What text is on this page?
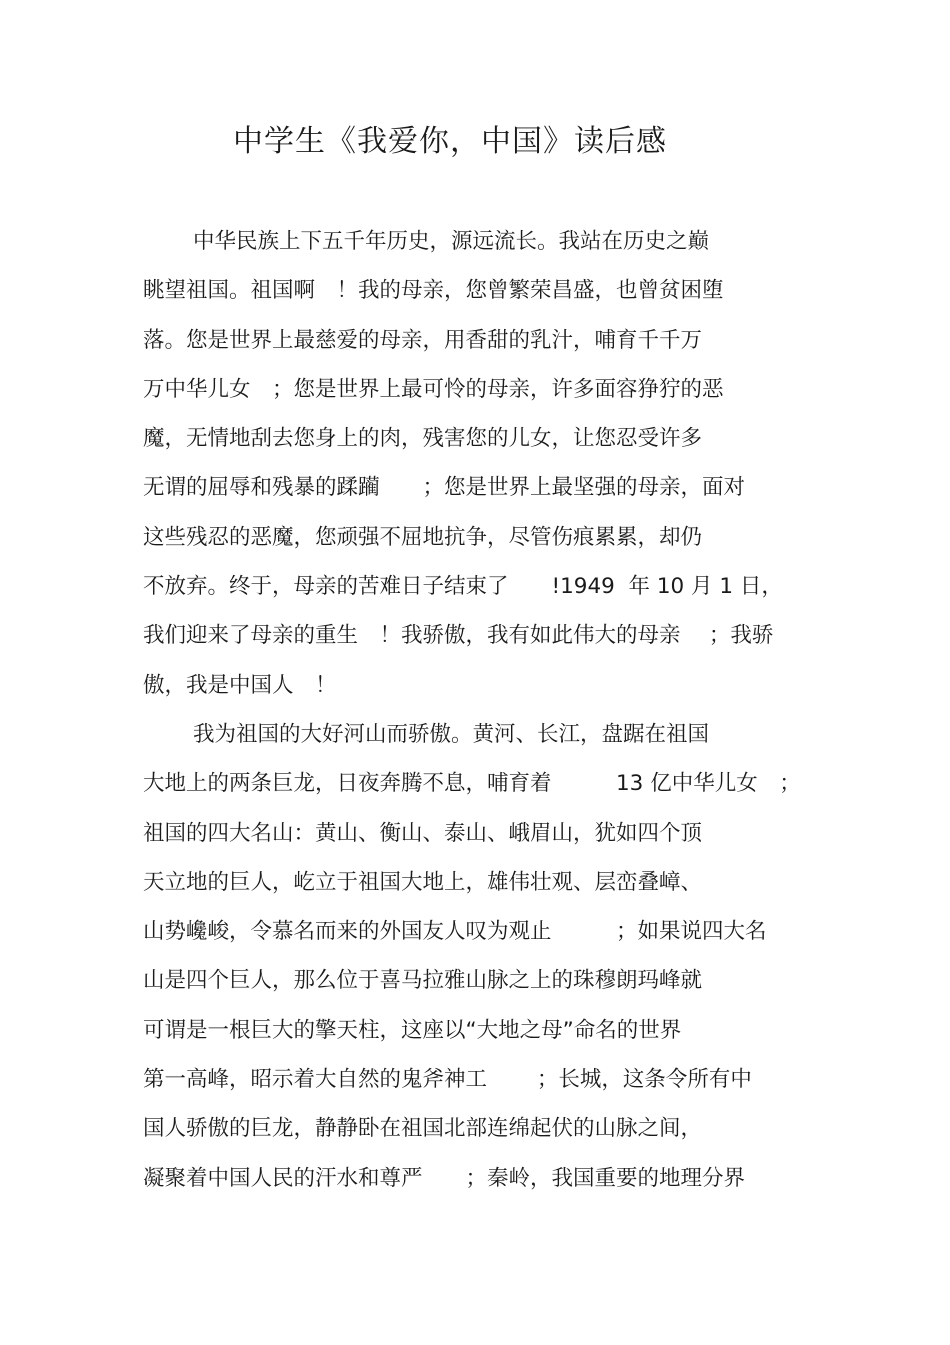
中学生《我爱你，中国》读后感
中华民族上下五千年历史，源远流长。我站在历史之巅
眺望祖国。祖国啊　！我的母亲，您曾繁荣昌盛，也曾贫困堕
落。您是世界上最慈爱的母亲，用香甜的乳汁，哺育千千万
万中华儿女　；您是世界上最可怜的母亲，许多面容狰狞的恶
魔，无情地刮去您身上的肉，残害您的儿女，让您忍受许多
无谓的屈辱和残暴的蹂躏　　；您是世界上最坚强的母亲，面对
这些残忍的恶魔，您顽强不屈地抗争，尽管伤痕累累，却仍
不放弃。终于，母亲的苦难日子结束了　　!1949  年 10 月 1 日，
我们迎来了母亲的重生　！我骄傲，我有如此伟大的母亲　 ；我骄
傲，我是中国人　！
我为祖国的大好河山而骄傲。黄河、长江，盘踞在祖国
大地上的两条巨龙，日夜奔腾不息，哺育着　　　13 亿中华儿女　；
祖国的四大名山：黄山、衡山、泰山、峨眉山，犹如四个顶
天立地的巨人，屹立于祖国大地上，雄伟壮观、层峦叠嶂、
山势巉峻，令慕名而来的外国友人叹为观止　　　；如果说四大名
山是四个巨人，那么位于喜马拉雅山脉之上的珠穆朗玛峰就
可谓是一根巨大的擎天柱，这座以“大地之母”命名的世界
第一高峰，昭示着大自然的鬼斧神工　　 ；长城，这条令所有中
国人骄傲的巨龙，静静卧在祖国北部连绵起伏的山脉之间，
凝聚着中国人民的汗水和尊严　　；秦岭，我国重要的地理分界
